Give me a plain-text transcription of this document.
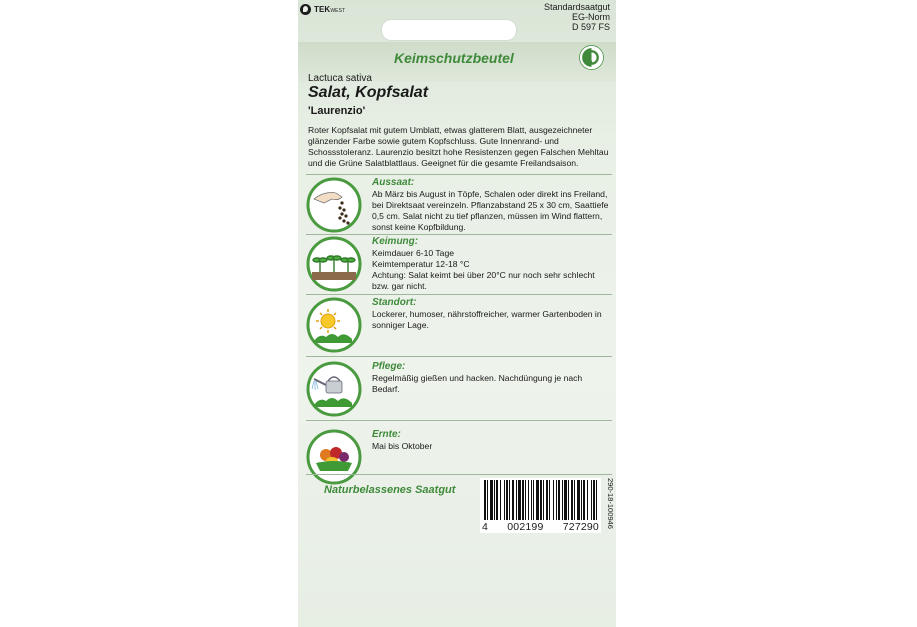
TEKWEST	Standardsaatgut
EG-Norm
D 597 FS
Keimschutzbeutel
Lactuca sativa
Salat, Kopfsalat
'Laurenzio'
Roter Kopfsalat mit gutem Umblatt, etwas glatterem Blatt, ausgezeichneter glänzender Farbe sowie gutem Kopfschluss. Gute Innenrand- und Schossstoleranz. Laurenzio besitzt hohe Resistenzen gegen Falschen Mehltau und die Grüne Salatblattlaus. Geeignet für die gesamte Freilandsaison.
Aussaat:
Ab März bis August in Töpfe, Schalen oder direkt ins Freiland, bei Direktsaat vereinzeln. Pflanzabstand 25 x 30 cm, Saattiefe 0,5 cm. Salat nicht zu tief pflanzen, müssen im Wind flattern, sonst keine Kopfbildung.
Keimung:
Keimdauer 6-10 Tage
Keimtemperatur 12-18 °C
Achtung: Salat keimt bei über 20°C nur noch sehr schlecht bzw. gar nicht.
Standort:
Lockerer, humoser, nährstoffreicher, warmer Gartenboden in sonniger Lage.
Pflege:
Regelmäßig gießen und hacken. Nachdüngung je nach Bedarf.
Ernte:
Mai bis Oktober
Naturbelassenes Saatgut
4 002199 727290 290-18-100946
